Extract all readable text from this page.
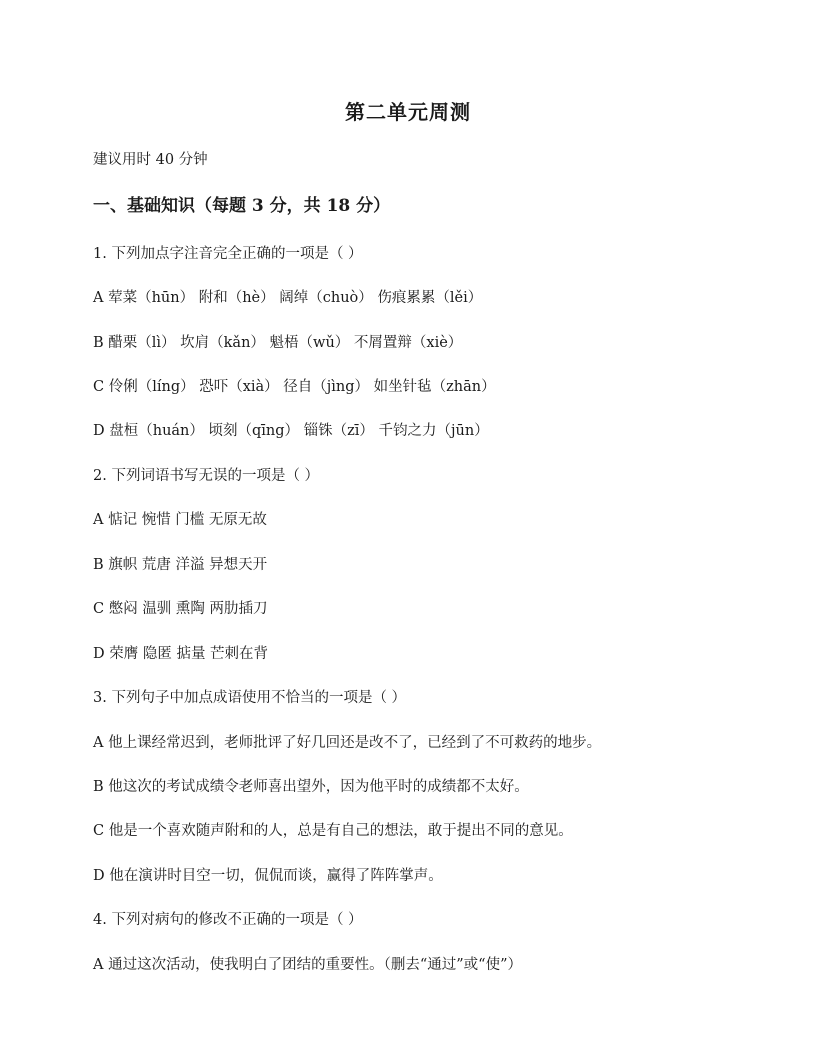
第二单元周测
建议用时 40 分钟
一、基础知识（每题 3 分，共 18 分）
1. 下列加点字注音完全正确的一项是（ ）
A 荤菜（hūn） 附和（hè） 阔绰（chuò） 伤痕累累（lěi）
B 醋栗（lì） 坎肩（kǎn） 魁梧（wǔ） 不屑置辩（xiè）
C 伶俐（líng） 恐吓（xià） 径自（jìng） 如坐针毡（zhān）
D 盘桓（huán） 顷刻（qīng） 锱铢（zī） 千钧之力（jūn）
2. 下列词语书写无误的一项是（ ）
A 惦记 惋惜 门槛 无原无故
B 旗帜 荒唐 洋溢 异想天开
C 憋闷 温驯 熏陶 两肋插刀
D 荣膺 隐匿 掂量 芒刺在背
3. 下列句子中加点成语使用不恰当的一项是（ ）
A 他上课经常迟到，老师批评了好几回还是改不了，已经到了不可救药的地步。
B 他这次的考试成绩令老师喜出望外，因为他平时的成绩都不太好。
C 他是一个喜欢随声附和的人，总是有自己的想法，敢于提出不同的意见。
D 他在演讲时目空一切，侃侃而谈，赢得了阵阵掌声。
4. 下列对病句的修改不正确的一项是（ ）
A 通过这次活动，使我明白了团结的重要性。（删去“通过”或“使”）
